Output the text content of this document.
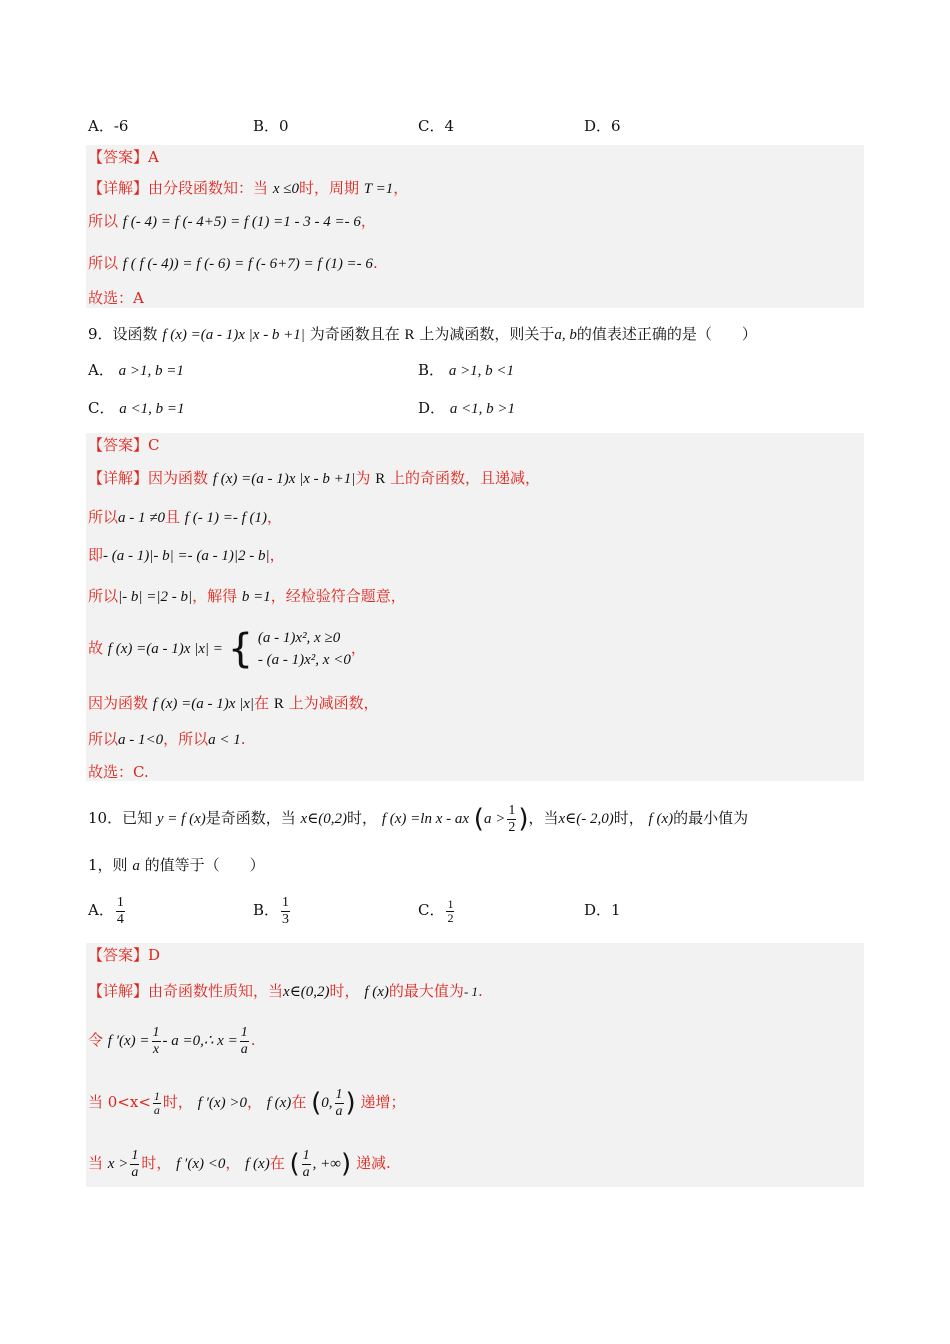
A．-6	B．0	C．4	D．6
【答案】A
【详解】由分段函数知：当 x ≤0时，周期 T =1，
所以 f (- 4) = f (- 4+5) = f (1) =1 - 3 - 4 =- 6，
所以 f ( f (- 4)) = f (- 6) = f (- 6+7) = f (1) =- 6.
故选：A
9．设函数 f (x) =(a - 1)x |x - b +1| 为奇函数且在 R 上为减函数，则关于a, b的值表述正确的是（　　）
A． a >1, b =1	B． a >1, b <1
C． a <1, b =1	D． a <1, b >1
【答案】C
【详解】因为函数 f (x) =(a - 1)x |x - b +1|为 R 上的奇函数，且递减，
所以a - 1 ≠0且 f (- 1) =- f (1)，
即- (a - 1)|- b| =- (a - 1)|2 - b|，
所以|- b| =|2 - b|，解得 b =1，经检验符合题意，
故 f (x) =(a - 1)x |x| = { (a - 1)x², x ≥0
- (a - 1)x², x <0
，
因为函数 f (x) =(a - 1)x |x|在 R 上为减函数，
所以a - 1<0，所以a < 1.
故选：C.
10．已知 y = f (x)是奇函数，当 x∈(0,2)时， f (x) =ln x - ax ($a > \frac{1}{2}$ )，当x∈(- 2,0)时， f (x)的最小值为
1，则 a 的值等于（　　）
A． $\frac{1}{4}$	B． $\frac{1}{3}$	C． $\frac{1}{2}$	D．1
【答案】D
【详解】由奇函数性质知，当x∈(0,2)时， f (x)的最大值为- 1.
令 f $'(x) = \frac{1}{x} - a$ =0,∴ $x = \frac{1}{a}$ .
当 $0<x< \frac{1}{a}$ 时， f ′(x) >0， f (x)在 (0, $\frac{1}{a}$ ) 递增；
当 $x > \frac{1}{a}$ 时， f ′(x) <0， f (x)在 ( $\frac{1}{a}$ , +∞) 递减.
